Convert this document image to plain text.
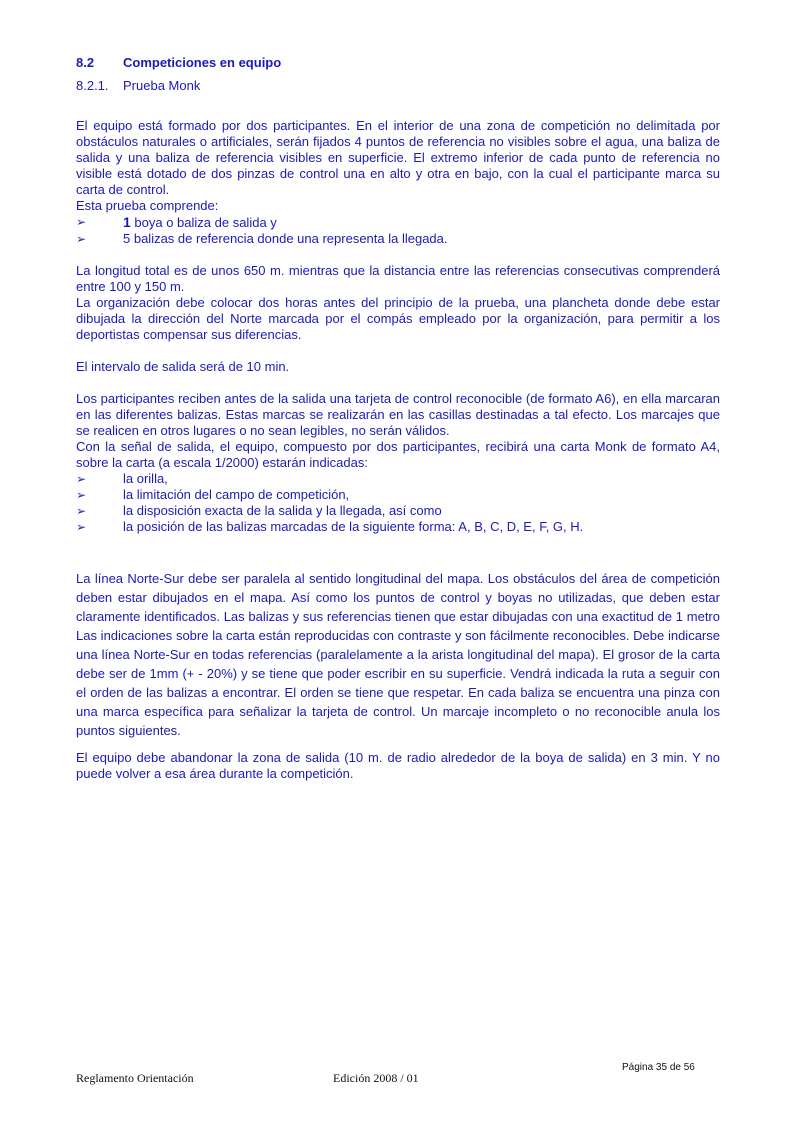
8.2	Competiciones en equipo
8.2.1.	Prueba Monk

El equipo está formado por dos participantes. En el interior de una zona de competición no delimitada por obstáculos naturales o artificiales, serán fijados 4 puntos de referencia no visibles sobre el agua, una baliza de salida y una baliza de referencia visibles en superficie. El extremo inferior de cada punto de referencia no visible está dotado de dos pinzas de control una en alto y otra en bajo, con la cual el participante marca su carta de control.

Esta prueba comprende:

➢	1 boya o baliza de salida y
➢	5 balizas de referencia donde una representa la llegada.

La longitud total es de unos 650 m. mientras que la distancia entre las referencias consecutivas comprenderá entre 100 y 150 m.

La organización debe colocar dos horas antes del principio de la prueba, una plancheta donde debe estar dibujada la dirección del Norte marcada por el compás empleado por la organización, para permitir a los deportistas compensar sus diferencias.

El intervalo de salida será de 10 min.

Los participantes reciben antes de la salida una tarjeta de control reconocible (de formato A6), en ella marcaran en las diferentes balizas. Estas marcas se realizarán en las casillas destinadas a tal efecto. Los marcajes que se realicen en otros lugares o no sean legibles, no serán válidos.

Con la señal de salida, el equipo, compuesto por dos participantes, recibirá una carta Monk de formato A4, sobre la carta (a escala 1/2000) estarán indicadas:

➢	la orilla,
➢	la limitación del campo de competición,
➢	la disposición exacta de la salida y la llegada, así como
➢	la posición de las balizas marcadas de la siguiente forma: A, B, C, D, E, F, G, H.

La línea Norte-Sur debe ser paralela al sentido longitudinal del mapa. Los obstáculos del área de competición deben estar dibujados en el mapa. Así como los puntos de control y boyas no utilizadas, que deben estar claramente identificados. Las balizas y sus referencias tienen que estar dibujadas con una exactitud de 1 metro Las indicaciones sobre la carta están reproducidas con contraste y son fácilmente reconocibles. Debe indicarse una línea Norte-Sur en todas referencias (paralelamente a la arista longitudinal del mapa). El grosor de la carta debe ser de 1mm (+ - 20%) y se tiene que poder escribir en su superficie. Vendrá indicada la ruta a seguir con el orden de las balizas a encontrar. El orden se tiene que respetar. En cada baliza se encuentra una pinza con una marca específica para señalizar la tarjeta de control. Un marcaje incompleto o no reconocible anula los puntos siguientes.

El equipo debe abandonar la zona de salida (10 m. de radio alrededor de la boya de salida) en 3 min. Y no puede volver a esa área durante la competición.

Reglamento Orientación	Edición 2008 / 01
Página 35 de 56
